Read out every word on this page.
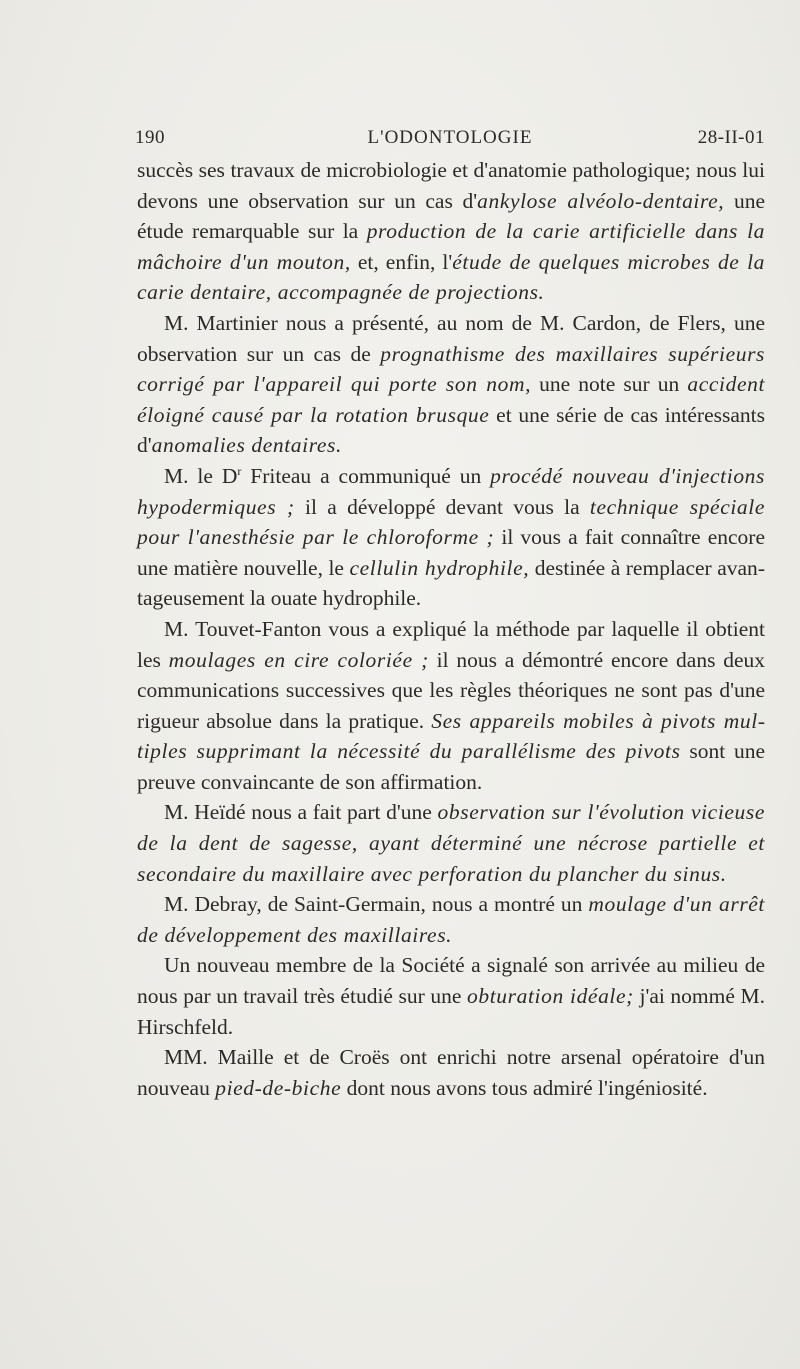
190	L'ODONTOLOGIE	28-II-01

succès ses travaux de microbiologie et d'anatomie pathologique; nous lui devons une observation sur un cas d'ankylose alvéolo-dentaire, une étude remarquable sur la production de la carie artificielle dans la mâchoire d'un mouton, et, enfin, l'étude de quelques microbes de la carie dentaire, accompagnée de projections.

M. Martinier nous a présenté, au nom de M. Cardon, de Flers, une observation sur un cas de prognathisme des maxillaires supérieurs corrigé par l'appareil qui porte son nom, une note sur un accident éloigné causé par la rotation brusque et une série de cas intéressants d'anomalies dentaires.

M. le $D^r$ Friteau a communiqué un procédé nouveau d'injections hypodermiques ; il a développé devant vous la technique spéciale pour l'anesthésie par le chloroforme ; il vous a fait connaître encore une matière nouvelle, le cellulin hydrophile, destinée à remplacer avantageusement la ouate hydrophile.

M. Touvet-Fanton vous a expliqué la méthode par laquelle il obtient les moulages en cire coloriée ; il nous a démontré encore dans deux communications successives que les règles théoriques ne sont pas d'une rigueur absolue dans la pratique. Ses appareils mobiles à pivots multiples supprimant la nécessité du parallélisme des pivots sont une preuve convaincante de son affirmation.

M. Heïdé nous a fait part d'une observation sur l'évolution vicieuse de la dent de sagesse, ayant déterminé une nécrose partielle et secondaire du maxillaire avec perforation du plancher du sinus.

M. Debray, de Saint-Germain, nous a montré un moulage d'un arrêt de développement des maxillaires.

Un nouveau membre de la Société a signalé son arrivée au milieu de nous par un travail très étudié sur une obturation idéale; j'ai nommé M. Hirschfeld.

MM. Maille et de Croës ont enrichi notre arsenal opératoire d'un nouveau pied-de-biche dont nous avons tous admiré l'ingéniosité.
